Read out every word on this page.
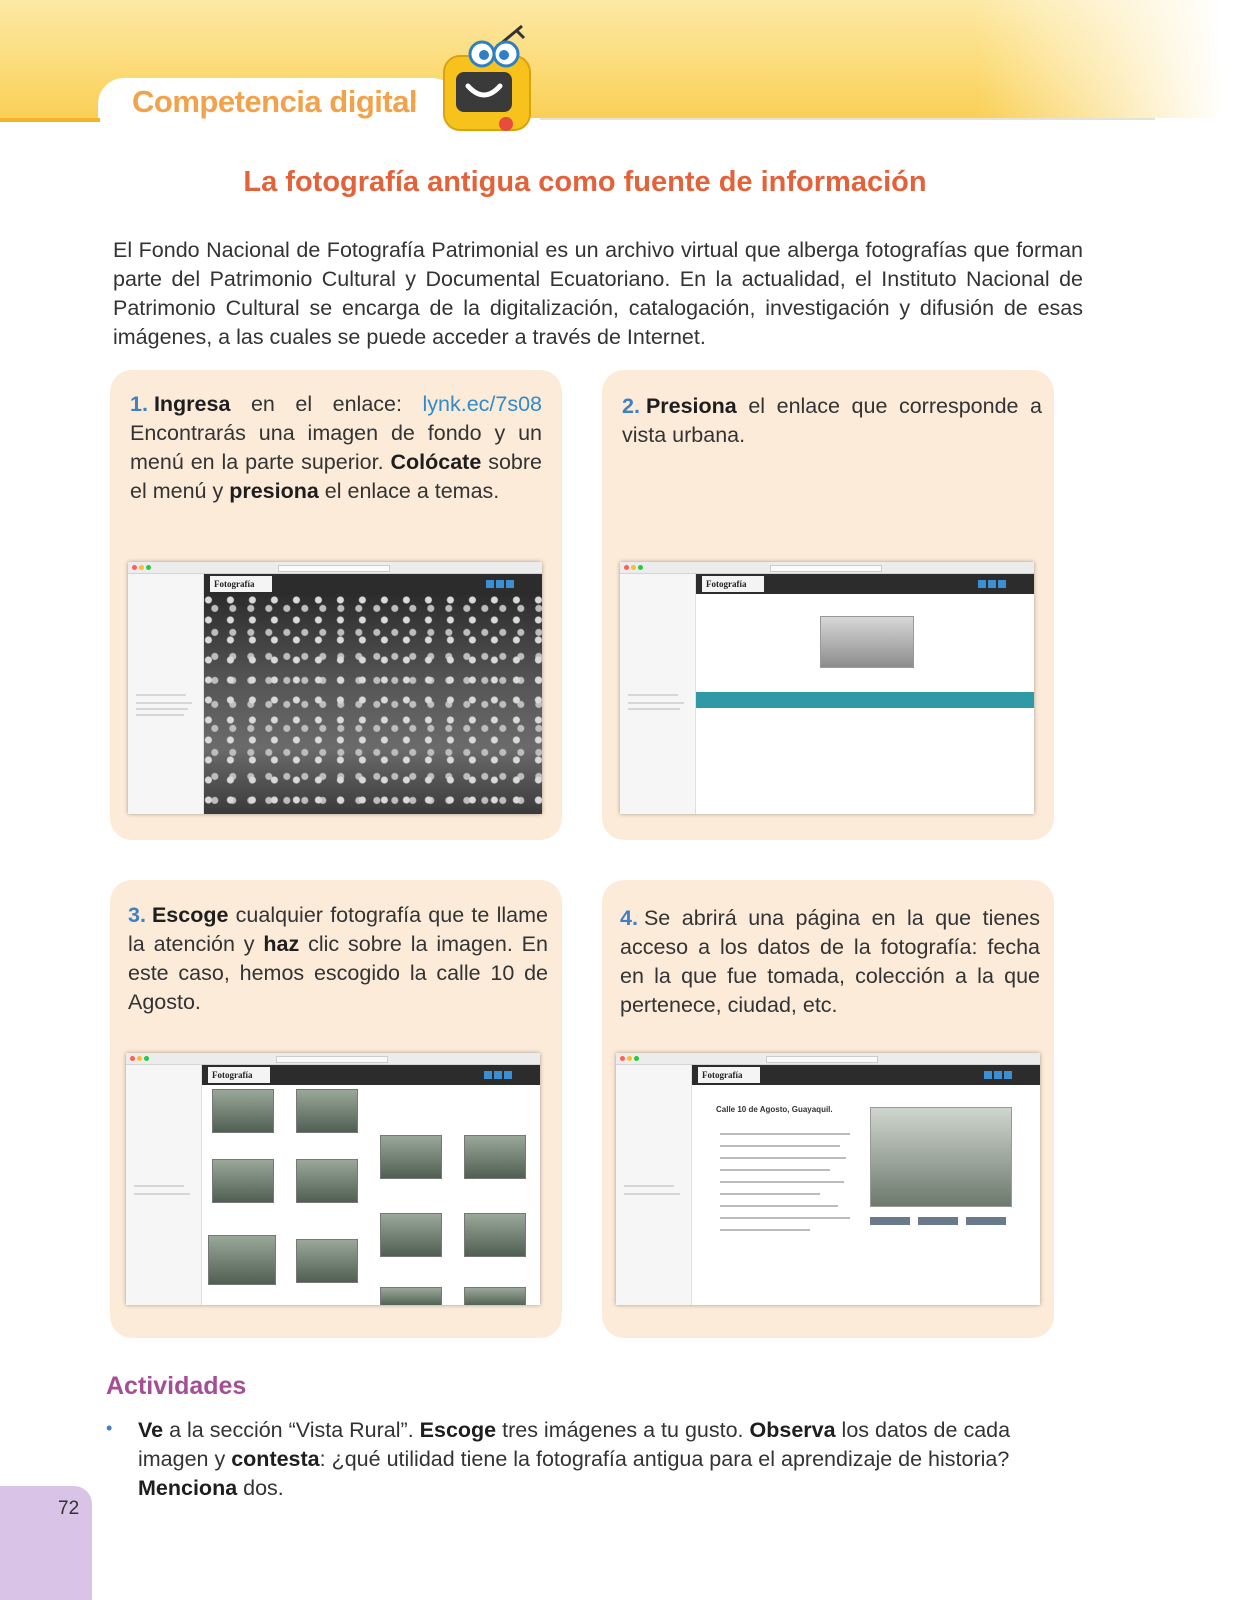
Competencia digital
La fotografía antigua como fuente de información
El Fondo Nacional de Fotografía Patrimonial es un archivo virtual que alberga fotografías que forman parte del Patrimonio Cultural y Documental Ecuatoriano. En la actualidad, el Instituto Nacional de Patrimonio Cultural se encarga de la digitalización, catalogación, investigación y difusión de esas imágenes, a las cuales se puede acceder a través de Internet.
1. Ingresa en el enlace: lynk.ec/7s08 Encontrarás una imagen de fondo y un menú en la parte superior. Colócate sobre el menú y presiona el enlace a temas.
2. Presiona el enlace que corresponde a vista urbana.
3. Escoge cualquier fotografía que te llame la atención y haz clic sobre la imagen. En este caso, hemos escogido la calle 10 de Agosto.
4. Se abrirá una página en la que tienes acceso a los datos de la fotografía: fecha en la que fue tomada, colección a la que pertenece, ciudad, etc.
Fotografía	Fotografía
Fotografía	Fotografía
Calle 10 de Agosto, Guayaquil.
Actividades
• Ve a la sección “Vista Rural”. Escoge tres imágenes a tu gusto. Observa los datos de cada imagen y contesta: ¿qué utilidad tiene la fotografía antigua para el aprendizaje de historia? Menciona dos.
72
